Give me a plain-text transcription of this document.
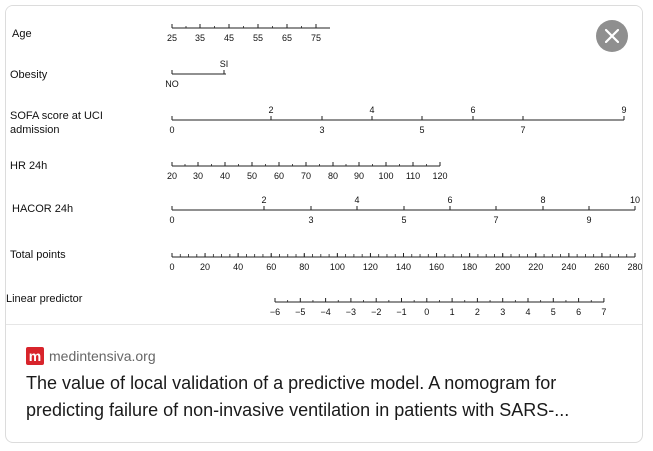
Age	25 35 45 55 65 75
Obesity
SI
NO
SOFA score at UCI
admission
2	4	6	9
0	3	5	7
HR 24h
20 30 40 50 60 70 80 90 100 110 120
HACOR 24h
2	4	6	8	10
0	3	5	7	9
Total points
0	20	40	60	80 100 120 140 160 180 200 220 240 260 280
Linear predictor
−6 −5 −4 −3 −2 −1 0 1 2 3 4 5 6 7
m medintensiva.org
The value of local validation of a predictive model. A nomogram for
predicting failure of non-invasive ventilation in patients with SARS-...
